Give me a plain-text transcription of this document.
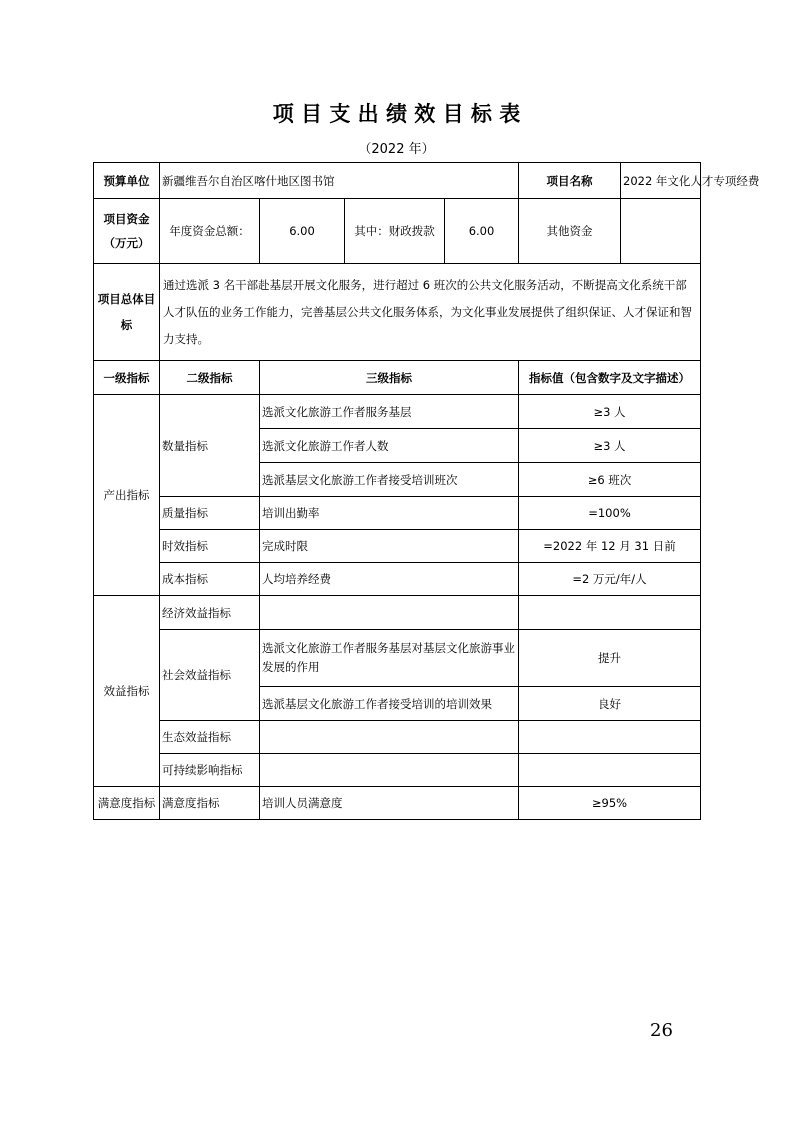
项 目 支 出 绩 效 目 标 表
（2022 年）
预算单位	新疆维吾尔自治区喀什地区图书馆				项目名称	2022 年文化人才专项经费
项目资金
（万元）	年度资金总额：	6.00	其中：财政拨款	6.00	其他资金	
项目总体目
标	通过选派 3 名干部赴基层开展文化服务，进行超过 6 班次的公共文化服务活动，不断提高文化系统干部人才队伍的业务工作能力，完善基层公共文化服务体系，为文化事业发展提供了组织保证、人才保证和智力支持。					
一级指标	二级指标	三级指标			指标值（包含数字及文字描述）	
产出指标	数量指标	选派文化旅游工作者服务基层			≥3 人	
		选派文化旅游工作者人数			≥3 人	
		选派基层文化旅游工作者接受培训班次			≥6 班次	
	质量指标	培训出勤率			=100%	
	时效指标	完成时限			=2022 年 12 月 31 日前	
	成本指标	人均培养经费			=2 万元/年/人	
效益指标	经济效益指标					
	社会效益指标	选派文化旅游工作者服务基层对基层文化旅游事业发展的作用			提升	
		选派基层文化旅游工作者接受培训的培训效果			良好	
	生态效益指标					
	可持续影响指标					
满意度指标	满意度指标	培训人员满意度			≥95%	
26
